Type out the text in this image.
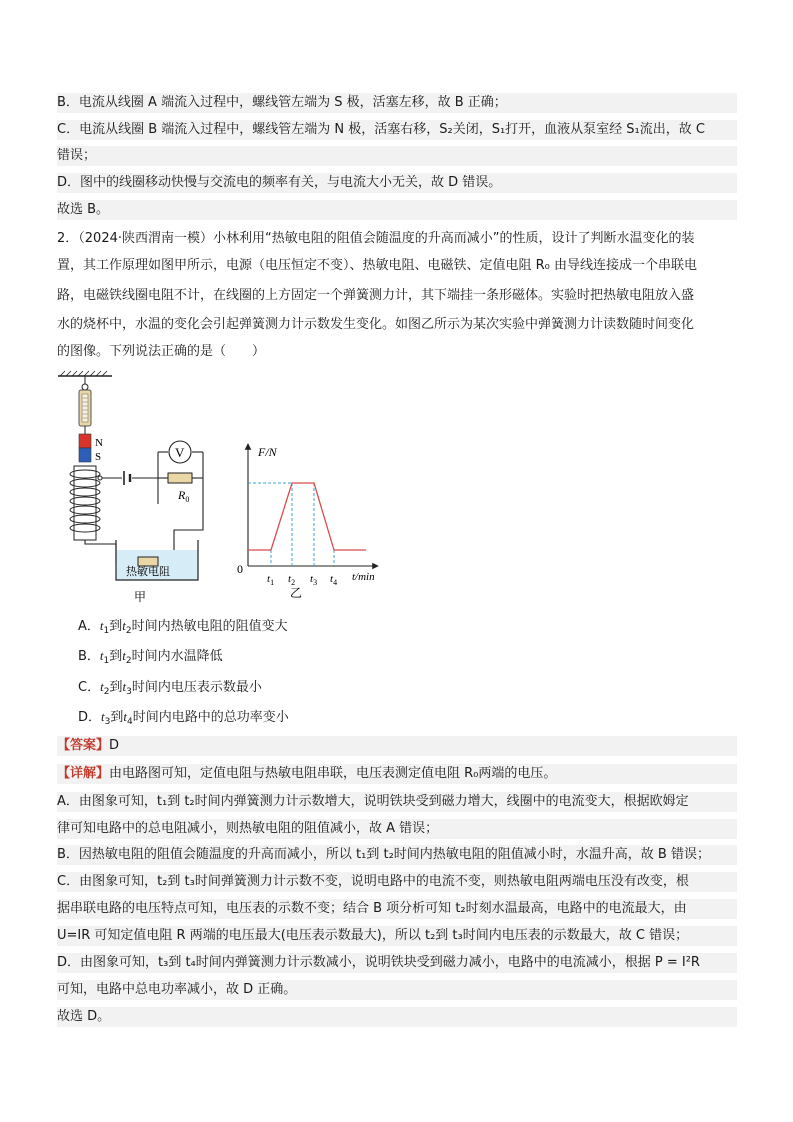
B．电流从线圈 A 端流入过程中，螺线管左端为 S 极，活塞左移，故 B 正确；
C．电流从线圈 B 端流入过程中，螺线管左端为 N 极，活塞右移，S₂关闭，S₁打开，血液从泵室经 S₁流出，故 C
错误；
D．图中的线圈移动快慢与交流电的频率有关，与电流大小无关，故 D 错误。
故选 B。
2．（2024·陕西渭南一模）小林利用“热敏电阻的阻值会随温度的升高而减小”的性质，设计了判断水温变化的装
置，其工作原理如图甲所示，电源（电压恒定不变）、热敏电阻、电磁铁、定值电阻 R₀ 由导线连接成一个串联电
路，电磁铁线圈电阻不计，在线圈的上方固定一个弹簧测力计，其下端挂一条形磁体。实验时把热敏电阻放入盛
水的烧杯中，水温的变化会引起弹簧测力计示数发生变化。如图乙所示为某次实验中弹簧测力计读数随时间变化
的图像。下列说法正确的是（　　）
N
S	V
$R_0$
热敏电阻
甲
F/N
t/min
0
$t_1$ $t_2$ $t_3$ $t_4$
乙
A．$t_1$到$t_2$时间内热敏电阻的阻值变大
B．$t_1$到$t_2$时间内水温降低
C．$t_2$到$t_3$时间内电压表示数最小
D．$t_3$到$t_4$时间内电路中的总功率变小
【答案】D
【详解】由电路图可知，定值电阻与热敏电阻串联，电压表测定值电阻 R₀两端的电压。
A．由图象可知，t₁到 t₂时间内弹簧测力计示数增大，说明铁块受到磁力增大，线圈中的电流变大，根据欧姆定
律可知电路中的总电阻减小，则热敏电阻的阻值减小，故 A 错误；
B．因热敏电阻的阻值会随温度的升高而减小，所以 t₁到 t₂时间内热敏电阻的阻值减小时，水温升高，故 B 错误；
C．由图象可知，t₂到 t₃时间弹簧测力计示数不变，说明电路中的电流不变，则热敏电阻两端电压没有改变，根
据串联电路的电压特点可知，电压表的示数不变；结合 B 项分析可知 t₂时刻水温最高，电路中的电流最大，由
U=IR 可知定值电阻 R 两端的电压最大(电压表示数最大)，所以 t₂到 t₃时间内电压表的示数最大，故 C 错误；
D．由图象可知，t₃到 t₄时间内弹簧测力计示数减小，说明铁块受到磁力减小，电路中的电流减小，根据 P = I²R
可知，电路中总电功率减小，故 D 正确。
故选 D。
